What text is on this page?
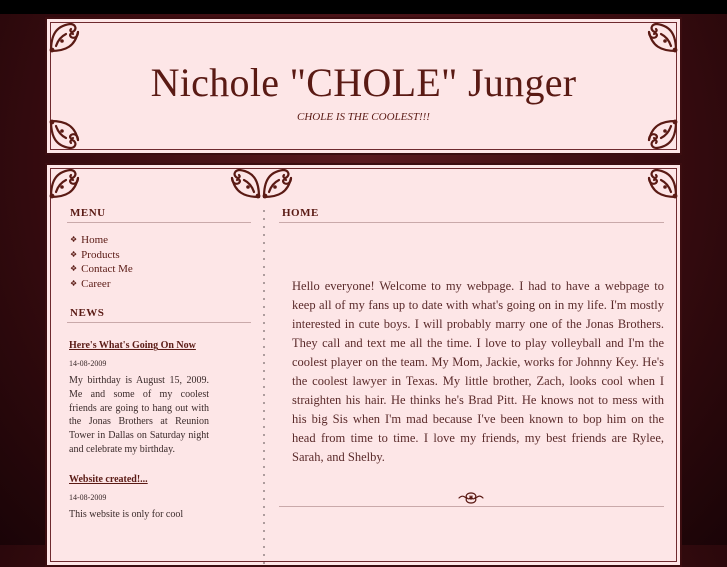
Nichole "CHOLE" Junger
CHOLE IS THE COOLEST!!!
MENU
❖ Home
❖ Products
❖ Contact Me
❖ Career
NEWS
Here's What's Going On Now
14-08-2009
My birthday is August 15, 2009. Me and some of my coolest friends are going to hang out with the Jonas Brothers at Reunion Tower in Dallas on Saturday night and celebrate my birthday.
Website created!...
14-08-2009
This website is only for cool
HOME
Hello everyone! Welcome to my webpage. I had to have a webpage to keep all of my fans up to date with what's going on in my life. I'm mostly interested in cute boys. I will probably marry one of the Jonas Brothers. They call and text me all the time. I love to play volleyball and I'm the coolest player on the team. My Mom, Jackie, works for Johnny Key. He's the coolest lawyer in Texas. My little brother, Zach, looks cool when I straighten his hair. He thinks he's Brad Pitt. He knows not to mess with his big Sis when I'm mad because I've been known to bop him on the head from time to time. I love my friends, my best friends are Rylee, Sarah, and Shelby.
